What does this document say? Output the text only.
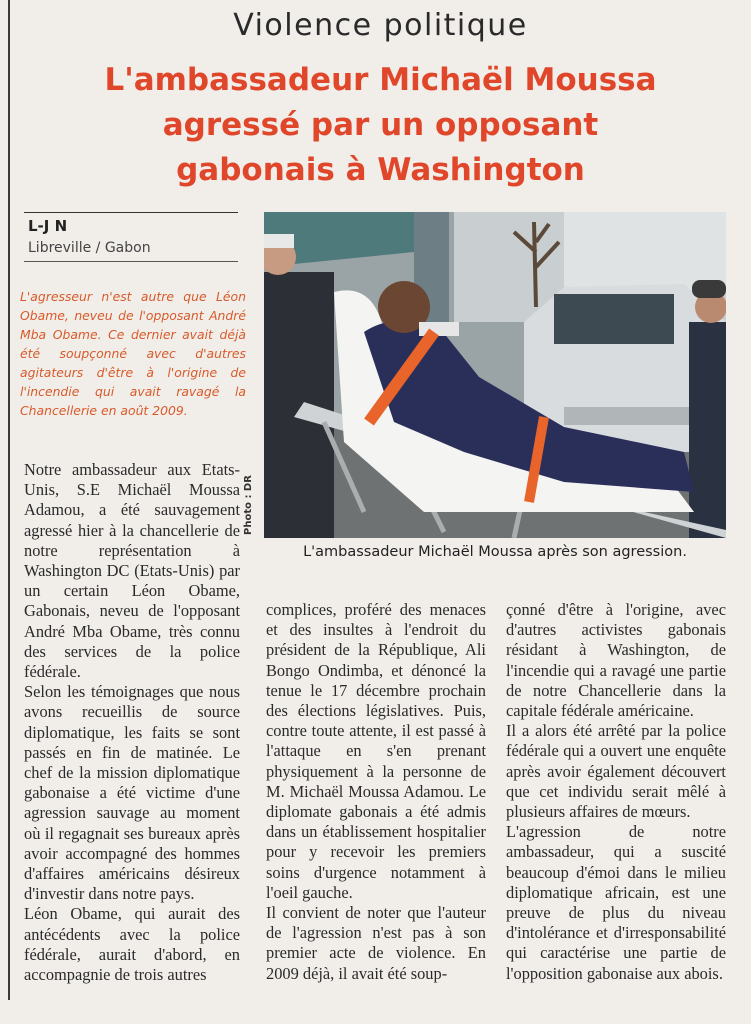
Violence politique
L'ambassadeur Michaël Moussa
agressé par un opposant
gabonais à Washington
L-J N
Libreville / Gabon

L'agresseur n'est autre que Léon Obame, neveu de l'opposant André Mba Obame. Ce dernier avait déjà été soupçonné avec d'autres agitateurs d'être à l'origine de l'incendie qui avait ravagé la Chancellerie en août 2009.

Notre ambassadeur aux Etats-Unis, S.E Michaël Moussa Adamou, a été sauvagement agressé hier à la chancellerie de notre représentation à Washington DC (Etats-Unis) par un certain Léon Obame, Gabonais, neveu de l'opposant André Mba Obame, très connu des services de la police fédérale.

Selon les témoignages que nous avons recueillis de source diplomatique, les faits se sont passés en fin de matinée. Le chef de la mission diplomatique gabonaise a été victime d'une agression sauvage au moment où il regagnait ses bureaux après avoir accompagné des hommes d'affaires américains désireux d'investir dans notre pays.

Léon Obame, qui aurait des antécédents avec la police fédérale, aurait d'abord, en accompagnie de trois autres

Photo : DR
L'ambassadeur Michaël Moussa après son agression.

complices, proféré des menaces et des insultes à l'endroit du président de la République, Ali Bongo Ondimba, et dénoncé la tenue le 17 décembre prochain des élections législatives. Puis, contre toute attente, il est passé à l'attaque en s'en prenant physiquement à la personne de M. Michaël Moussa Adamou. Le diplomate gabonais a été admis dans un établissement hospitalier pour y recevoir les premiers soins d'urgence notamment à l'oeil gauche.

Il convient de noter que l'auteur de l'agression n'est pas à son premier acte de violence. En 2009 déjà, il avait été soup-

çonné d'être à l'origine, avec d'autres activistes gabonais résidant à Washington, de l'incendie qui a ravagé une partie de notre Chancellerie dans la capitale fédérale américaine.

Il a alors été arrêté par la police fédérale qui a ouvert une enquête après avoir également découvert que cet individu serait mêlé à plusieurs affaires de mœurs.

L'agression de notre ambassadeur, qui a suscité beaucoup d'émoi dans le milieu diplomatique africain, est une preuve de plus du niveau d'intolérance et d'irresponsabilité qui caractérise une partie de l'opposition gabonaise aux abois.
